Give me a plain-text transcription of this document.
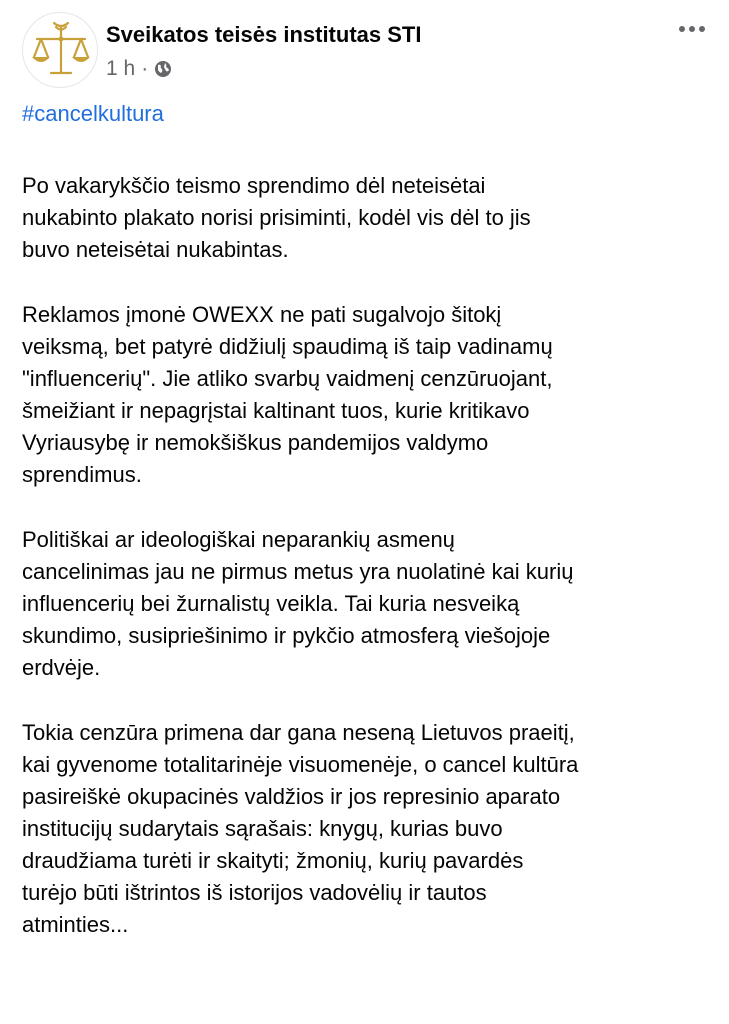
Sveikatos teisės institutas STI
1 h ·
#cancelkultura

Po vakarykščio teismo sprendimo dėl neteisėtai
nukabinto plakato norisi prisiminti, kodėl vis dėl to jis
buvo neteisėtai nukabintas.

Reklamos įmonė OWEXX ne pati sugalvojo šitokį
veiksmą, bet patyrė didžiulį spaudimą iš taip vadinamų
"influencerių". Jie atliko svarbų vaidmenį cenzūruojant,
šmeižiant ir nepagrįstai kaltinant tuos, kurie kritikavo
Vyriausybę ir nemokšiškus pandemijos valdymo
sprendimus.

Politiškai ar ideologiškai neparankių asmenų
cancelinimas jau ne pirmus metus yra nuolatinė kai kurių
influencerių bei žurnalistų veikla. Tai kuria nesveiką
skundimo, susipriešinimo ir pykčio atmosferą viešojoje
erdvėje.

Tokia cenzūra primena dar gana neseną Lietuvos praeitį,
kai gyvenome totalitarinėje visuomenėje, o cancel kultūra
pasireiškė okupacinės valdžios ir jos represinio aparato
institucijų sudarytais sąrašais: knygų, kurias buvo
draudžiama turėti ir skaityti; žmonių, kurių pavardės
turėjo būti ištrintos iš istorijos vadovėlių ir tautos
atminties...
